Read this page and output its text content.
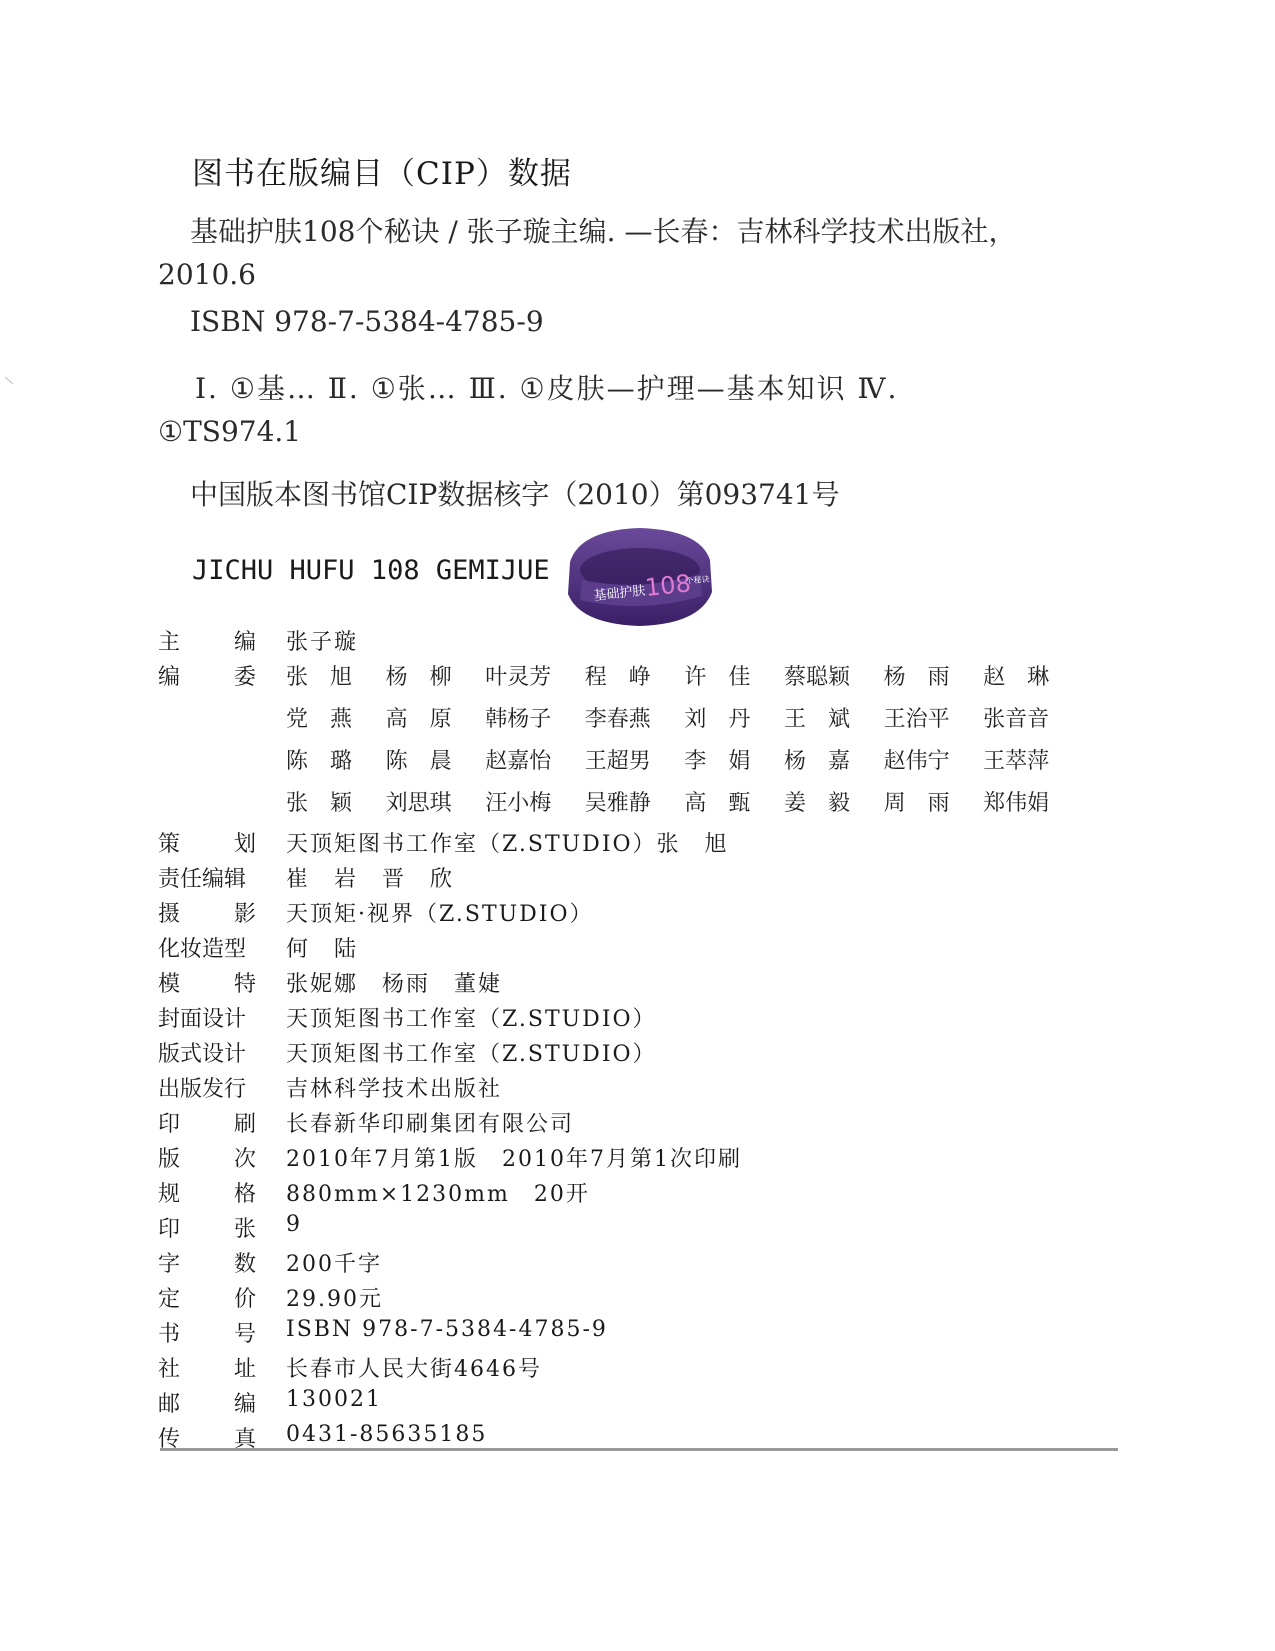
图书在版编目（CIP）数据
基础护肤108个秘诀 / 张子璇主编. —长春：吉林科学技术出版社，
2010.6
ISBN 978-7-5384-4785-9
Ⅰ. ①基… Ⅱ. ①张… Ⅲ. ①皮肤—护理—基本知识 Ⅳ.
①TS974.1
中国版本图书馆CIP数据核字（2010）第093741号
JICHU HUFU 108 GEMIJUE
基础护肤
108
个秘诀
主 编 张子璇
编 委 张　旭	杨　柳	叶灵芳	程　峥	许　佳	蔡聪颖	杨　雨	赵　琳
党　燕	高　原	韩杨子	李春燕	刘　丹	王　斌	王治平	张音音
陈　璐	陈　晨	赵嘉怡	王超男	李　娟	杨　嘉	赵伟宁	王萃萍
张　颖	刘思琪	汪小梅	吴雅静	高　甄	姜　毅	周　雨	郑伟娟
策 划 天顶矩图书工作室（Z.STUDIO）张　旭
责任编辑	崔　岩　晋　欣
摄 影 天顶矩·视界（Z.STUDIO）
化妆造型	何　陆
模 特 张妮娜　杨雨　董婕
封面设计	天顶矩图书工作室（Z.STUDIO）
版式设计	天顶矩图书工作室（Z.STUDIO）
出版发行	吉林科学技术出版社
印 刷 长春新华印刷集团有限公司
版 次 2010年7月第1版　2010年7月第1次印刷
规 格 880mm×1230mm　20开
印 张 9
字 数 200千字
定 价 29.90元
书 号 ISBN 978-7-5384-4785-9
社 址 长春市人民大街4646号
邮 编 130021
传 真 0431-85635185
